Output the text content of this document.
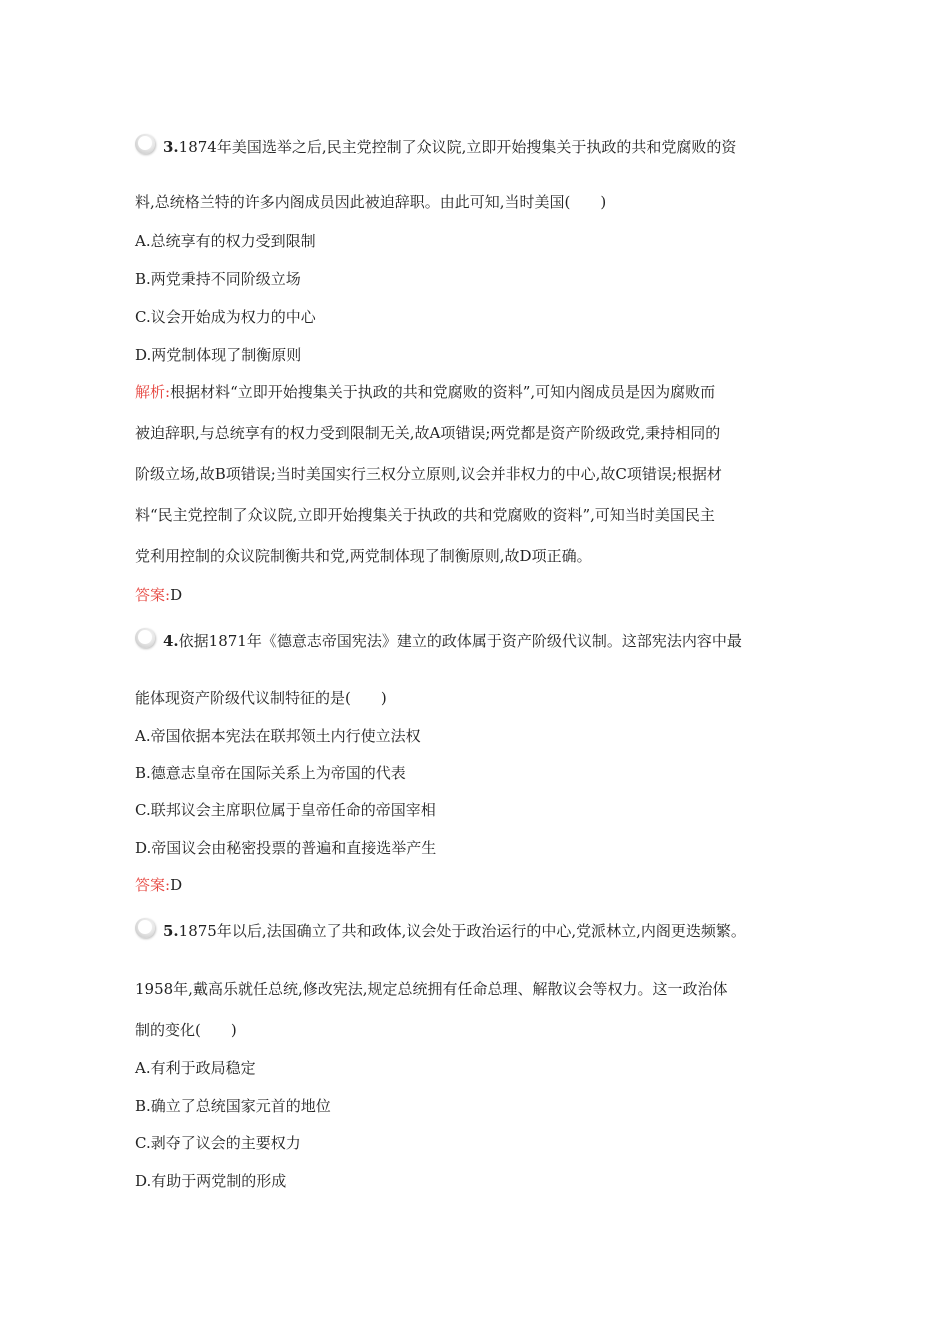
3.1874年美国选举之后,民主党控制了众议院,立即开始搜集关于执政的共和党腐败的资
料,总统格兰特的许多内阁成员因此被迫辞职。由此可知,当时美国(　　)
A.总统享有的权力受到限制
B.两党秉持不同阶级立场
C.议会开始成为权力的中心
D.两党制体现了制衡原则
解析:根据材料“立即开始搜集关于执政的共和党腐败的资料”,可知内阁成员是因为腐败而
被迫辞职,与总统享有的权力受到限制无关,故A项错误;两党都是资产阶级政党,秉持相同的
阶级立场,故B项错误;当时美国实行三权分立原则,议会并非权力的中心,故C项错误;根据材
料“民主党控制了众议院,立即开始搜集关于执政的共和党腐败的资料”,可知当时美国民主
党利用控制的众议院制衡共和党,两党制体现了制衡原则,故D项正确。
答案:D
4.依据1871年《德意志帝国宪法》建立的政体属于资产阶级代议制。这部宪法内容中最
能体现资产阶级代议制特征的是(　　)
A.帝国依据本宪法在联邦领土内行使立法权
B.德意志皇帝在国际关系上为帝国的代表
C.联邦议会主席职位属于皇帝任命的帝国宰相
D.帝国议会由秘密投票的普遍和直接选举产生
答案:D
5.1875年以后,法国确立了共和政体,议会处于政治运行的中心,党派林立,内阁更迭频繁。
1958年,戴高乐就任总统,修改宪法,规定总统拥有任命总理、解散议会等权力。这一政治体
制的变化(　　)
A.有利于政局稳定
B.确立了总统国家元首的地位
C.剥夺了议会的主要权力
D.有助于两党制的形成
